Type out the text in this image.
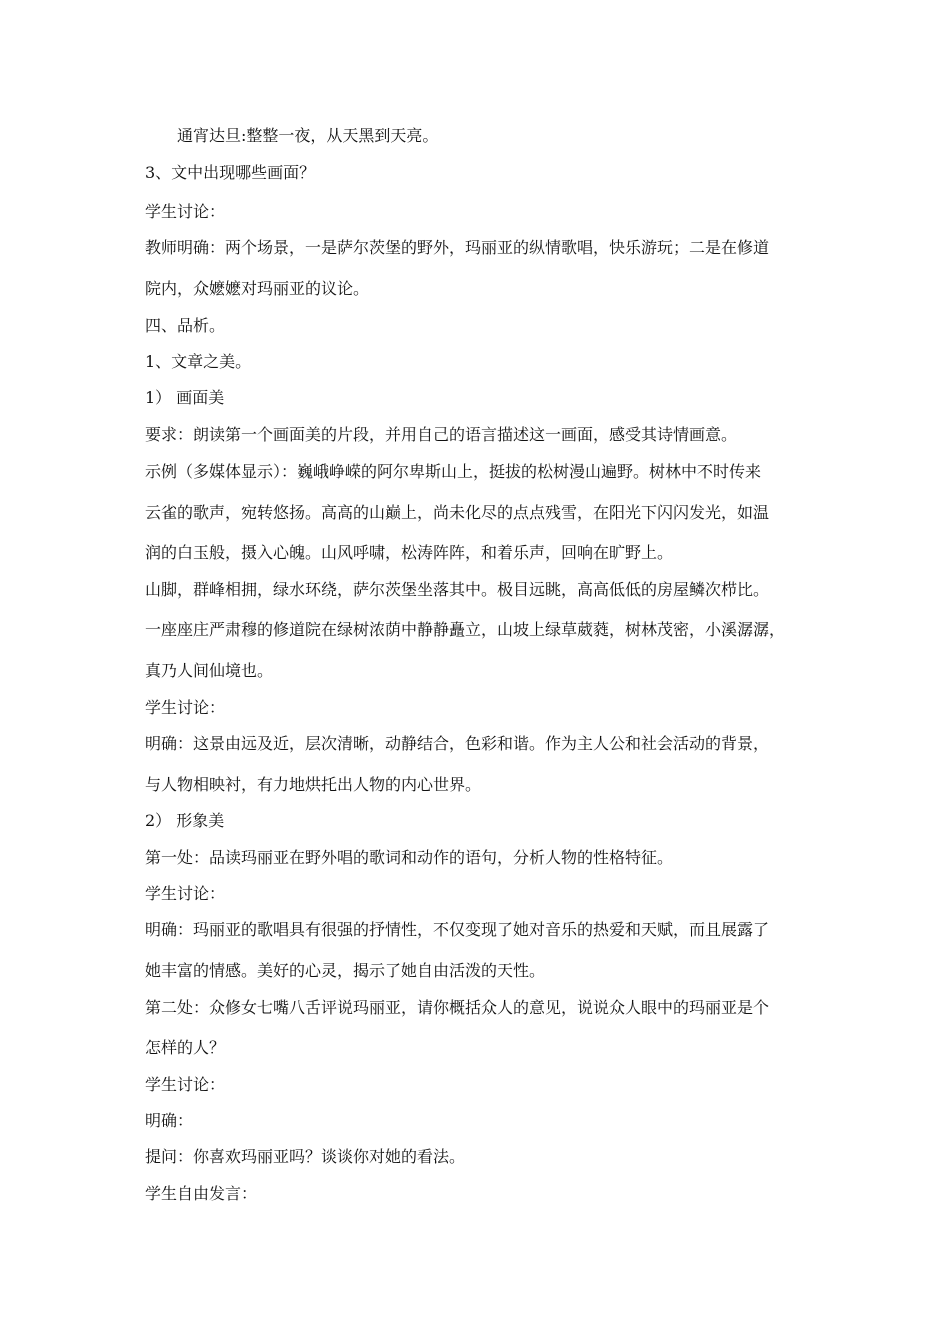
通宵达旦:整整一夜，从天黑到天亮。
3、文中出现哪些画面？
学生讨论：
教师明确：两个场景，一是萨尔茨堡的野外，玛丽亚的纵情歌唱，快乐游玩；二是在修道
院内，众嬷嬷对玛丽亚的议论。
四、品析。
1、文章之美。
1） 画面美
要求：朗读第一个画面美的片段，并用自己的语言描述这一画面，感受其诗情画意。
示例（多媒体显示）：巍峨峥嵘的阿尔卑斯山上，挺拔的松树漫山遍野。树林中不时传来
云雀的歌声，宛转悠扬。高高的山巅上，尚未化尽的点点残雪，在阳光下闪闪发光，如温
润的白玉般，摄入心魄。山风呼啸，松涛阵阵，和着乐声，回响在旷野上。
山脚，群峰相拥，绿水环绕，萨尔茨堡坐落其中。极目远眺，高高低低的房屋鳞次栉比。
一座座庄严肃穆的修道院在绿树浓荫中静静矗立，山坡上绿草葳蕤，树林茂密，小溪潺潺，
真乃人间仙境也。
学生讨论：
明确：这景由远及近，层次清晰，动静结合，色彩和谐。作为主人公和社会活动的背景，
与人物相映衬，有力地烘托出人物的内心世界。
2） 形象美
第一处：品读玛丽亚在野外唱的歌词和动作的语句，分析人物的性格特征。
学生讨论：
明确：玛丽亚的歌唱具有很强的抒情性，不仅变现了她对音乐的热爱和天赋，而且展露了
她丰富的情感。美好的心灵，揭示了她自由活泼的天性。
第二处：众修女七嘴八舌评说玛丽亚，请你概括众人的意见，说说众人眼中的玛丽亚是个
怎样的人？
学生讨论：
明确：
提问：你喜欢玛丽亚吗？谈谈你对她的看法。
学生自由发言：
